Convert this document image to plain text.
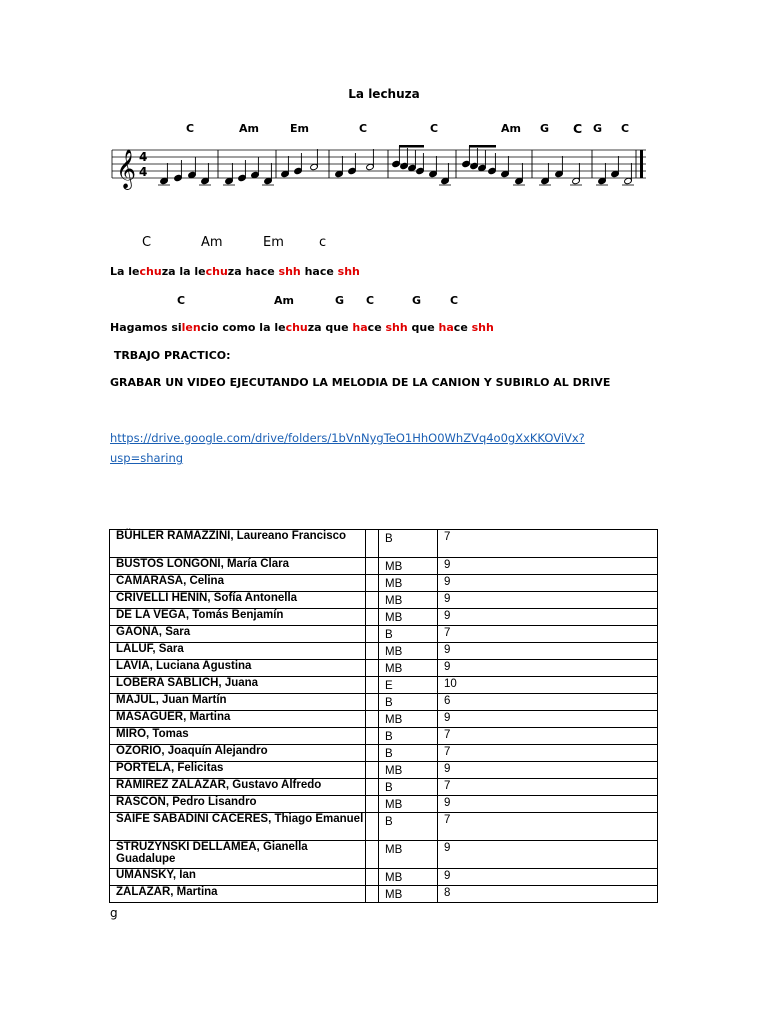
La lechuza
C	Am	Em	C	C	Am G C G C
𝄞 4
4
C	Am	Em	c
La lechuza la lechuza hace shh hace shh
C	Am	G C	G	C
Hagamos silencio como la lechuza que hace shh que hace shh
TRBAJO PRACTICO:
GRABAR UN VIDEO EJECUTANDO LA MELODIA DE LA CANION Y SUBIRLO AL DRIVE
https://drive.google.com/drive/folders/1bVnNygTeO1HhO0WhZVq4o0gXxKKOViVx?
usp=sharing
BÜHLER RAMAZZINI, Laureano Francisco		B	7
BUSTOS LONGONI, María Clara		MB	9
CAMARASA, Celina		MB	9
CRIVELLI HENIN, Sofía Antonella		MB	9
DE LA VEGA, Tomás Benjamín		MB	9
GAONA, Sara		B	7
LALUF, Sara		MB	9
LAVIA, Luciana Agustina		MB	9
LOBERA SABLICH, Juana		E	10
MAJUL, Juan Martín		B	6
MASAGUER, Martina		MB	9
MIRO, Tomas		B	7
OZORIO, Joaquín Alejandro		B	7
PORTELA, Felicitas		MB	9
RAMIREZ ZALAZAR, Gustavo Alfredo		B	7
RASCON, Pedro Lisandro		MB	9
SAIFE SABADINI CACERES, Thiago Emanuel		B	7
STRUZYNSKI DELLAMEA, Gianella Guadalupe		MB	9
UMANSKY, Ian		MB	9
ZALAZAR, Martina		MB	8
g
